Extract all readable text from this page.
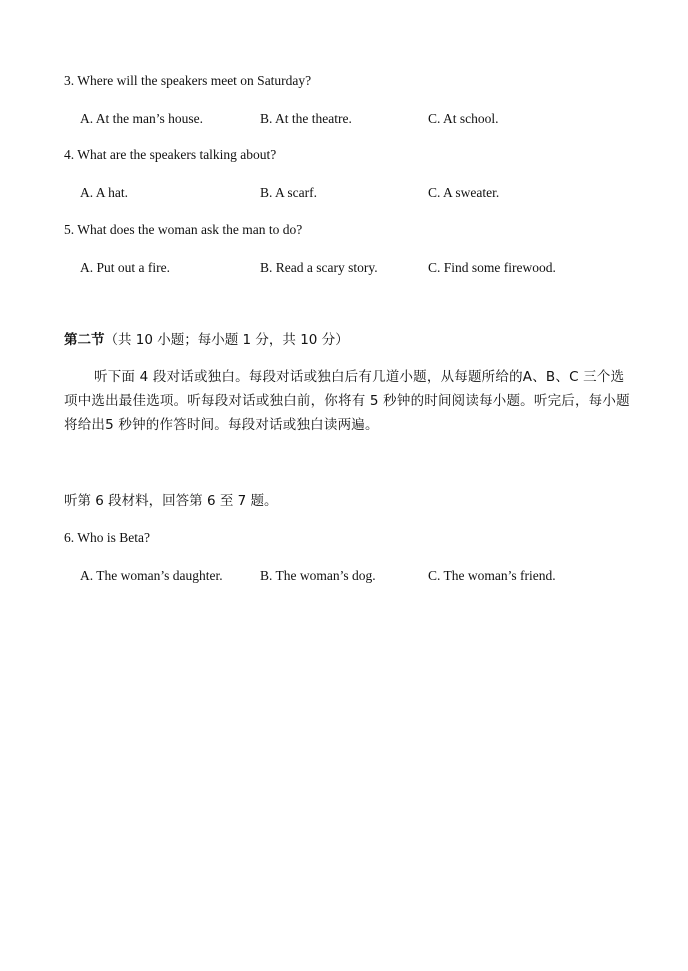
3. Where will the speakers meet on Saturday?
A. At the man’s house.	B. At the theatre.	C. At school.
4. What are the speakers talking about?
A. A hat.	B. A scarf.	C. A sweater.
5. What does the woman ask the man to do?
A. Put out a fire.	B. Read a scary story.	C. Find some firewood.
第二节（共 10 小题；每小题 1 分，共 10 分）
听下面 4 段对话或独白。每段对话或独白后有几道小题，从每题所给的A、B、C 三个选项中选出最佳选项。听每段对话或独白前，你将有 5 秒钟的时间阅读每小题。听完后，每小题将给出5 秒钟的作答时间。每段对话或独白读两遍。
听第 6 段材料，回答第 6 至 7 题。
6. Who is Beta?
A. The woman’s daughter.	B. The woman’s dog.	C. The woman’s friend.
